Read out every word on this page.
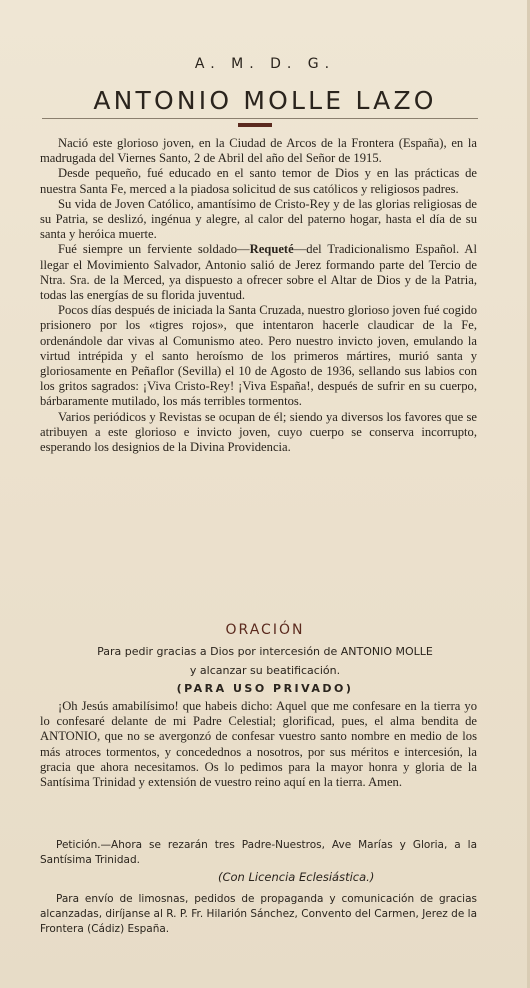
A. M. D. G.
ANTONIO MOLLE LAZO

Nació este glorioso joven, en la Ciudad de Arcos de la Frontera (España), en la madrugada del Viernes Santo, 2 de Abril del año del Señor de 1915.

Desde pequeño, fué educado en el santo temor de Dios y en las prácticas de nuestra Santa Fe, merced a la piadosa solicitud de sus católicos y religiosos padres.

Su vida de Joven Católico, amantísimo de Cristo-Rey y de las glorias religiosas de su Patria, se deslizó, ingénua y alegre, al calor del paterno hogar, hasta el día de su santa y heróica muerte.

Fué siempre un ferviente soldado—Requeté—del Tradicionalismo Español. Al llegar el Movimiento Salvador, Antonio salió de Jerez formando parte del Tercio de Ntra. Sra. de la Merced, ya dispuesto a ofrecer sobre el Altar de Dios y de la Patria, todas las energías de su florida juventud.

Pocos días después de iniciada la Santa Cruzada, nuestro glorioso joven fué cogido prisionero por los «tigres rojos», que intentaron hacerle claudicar de la Fe, ordenándole dar vivas al Comunismo ateo. Pero nuestro invicto joven, emulando la virtud intrépida y el santo heroísmo de los primeros mártires, murió santa y gloriosamente en Peñaflor (Sevilla) el 10 de Agosto de 1936, sellando sus labios con los gritos sagrados: ¡Viva Cristo-Rey! ¡Viva España!, después de sufrir en su cuerpo, bárbaramente mutilado, los más terribles tormentos.

Varios periódicos y Revistas se ocupan de él; siendo ya diversos los favores que se atribuyen a este glorioso e invicto joven, cuyo cuerpo se conserva incorrupto, esperando los designios de la Divina Providencia.

ORACIÓN
Para pedir gracias a Dios por intercesión de ANTONIO MOLLE
y alcanzar su beatificación.
(PARA USO PRIVADO)

¡Oh Jesús amabilísimo! que habeis dicho: Aquel que me confesare en la tierra yo lo confesaré delante de mi Padre Celestial; glorificad, pues, el alma bendita de ANTONIO, que no se avergonzó de confesar vuestro santo nombre en medio de los más atroces tormentos, y concedednos a nosotros, por sus méritos e intercesión, la gracia que ahora necesitamos. Os lo pedimos para la mayor honra y gloria de la Santísima Trinidad y extensión de vuestro reino aquí en la tierra. Amen.

Petición.—Ahora se rezarán tres Padre-Nuestros, Ave Marías y Gloria, a la Santísima Trinidad.

(Con Licencia Eclesiástica.)

Para envío de limosnas, pedidos de propaganda y comunicación de gracias alcanzadas, diríjanse al R. P. Fr. Hilarión Sánchez, Convento del Carmen, Jerez de la Frontera (Cádiz) España.
